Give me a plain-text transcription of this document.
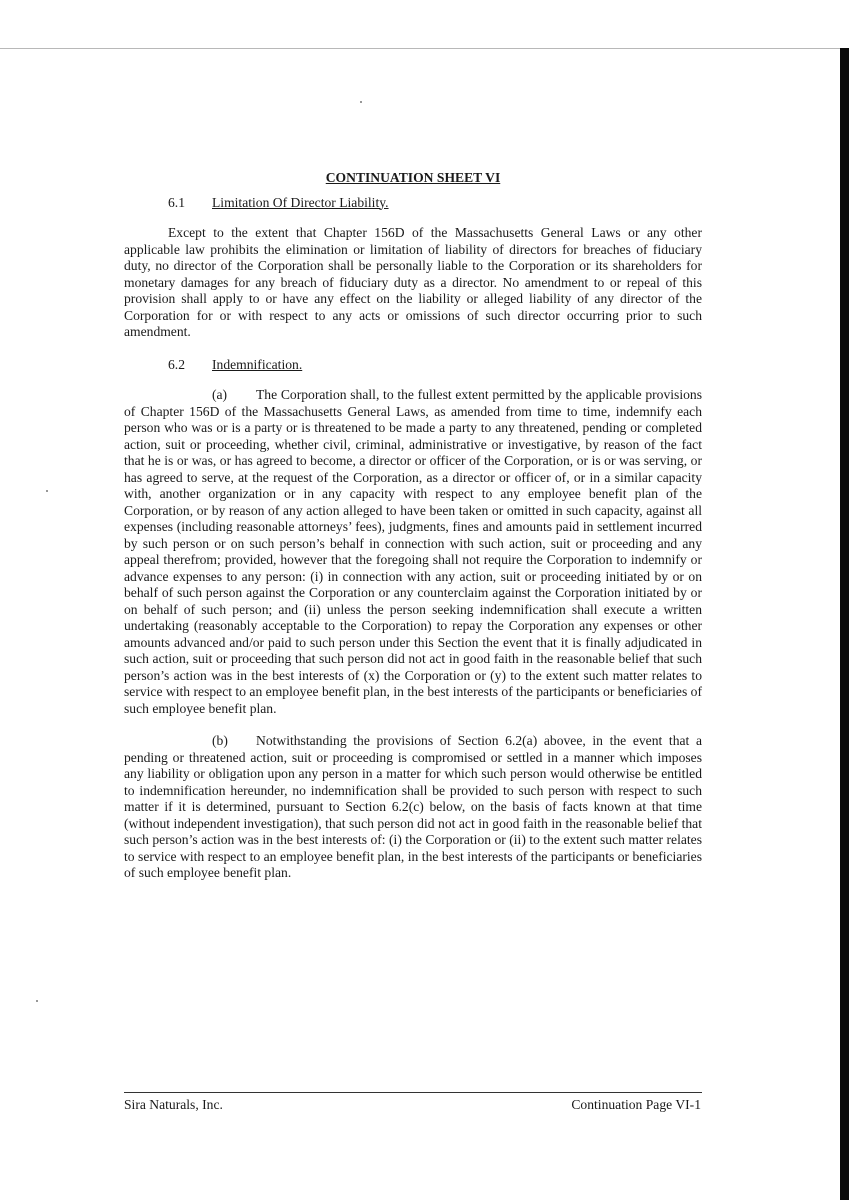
CONTINUATION SHEET VI
6.1 Limitation Of Director Liability.

Except to the extent that Chapter 156D of the Massachusetts General Laws or any other applicable law prohibits the elimination or limitation of liability of directors for breaches of fiduciary duty, no director of the Corporation shall be personally liable to the Corporation or its shareholders for monetary damages for any breach of fiduciary duty as a director. No amendment to or repeal of this provision shall apply to or have any effect on the liability or alleged liability of any director of the Corporation for or with respect to any acts or omissions of such director occurring prior to such amendment.

6.2 Indemnification.

(a) The Corporation shall, to the fullest extent permitted by the applicable provisions of Chapter 156D of the Massachusetts General Laws, as amended from time to time, indemnify each person who was or is a party or is threatened to be made a party to any threatened, pending or completed action, suit or proceeding, whether civil, criminal, administrative or investigative, by reason of the fact that he is or was, or has agreed to become, a director or officer of the Corporation, or is or was serving, or has agreed to serve, at the request of the Corporation, as a director or officer of, or in a similar capacity with, another organization or in any capacity with respect to any employee benefit plan of the Corporation, or by reason of any action alleged to have been taken or omitted in such capacity, against all expenses (including reasonable attorneys’ fees), judgments, fines and amounts paid in settlement incurred by such person or on such person’s behalf in connection with such action, suit or proceeding and any appeal therefrom; provided, however that the foregoing shall not require the Corporation to indemnify or advance expenses to any person: (i) in connection with any action, suit or proceeding initiated by or on behalf of such person against the Corporation or any counterclaim against the Corporation initiated by or on behalf of such person; and (ii) unless the person seeking indemnification shall execute a written undertaking (reasonably acceptable to the Corporation) to repay the Corporation any expenses or other amounts advanced and/or paid to such person under this Section the event that it is finally adjudicated in such action, suit or proceeding that such person did not act in good faith in the reasonable belief that such person’s action was in the best interests of (x) the Corporation or (y) to the extent such matter relates to service with respect to an employee benefit plan, in the best interests of the participants or beneficiaries of such employee benefit plan.

(b) Notwithstanding the provisions of Section 6.2(a) abovee, in the event that a pending or threatened action, suit or proceeding is compromised or settled in a manner which imposes any liability or obligation upon any person in a matter for which such person would otherwise be entitled to indemnification hereunder, no indemnification shall be provided to such person with respect to such matter if it is determined, pursuant to Section 6.2(c) below, on the basis of facts known at that time (without independent investigation), that such person did not act in good faith in the reasonable belief that such person’s action was in the best interests of: (i) the Corporation or (ii) to the extent such matter relates to service with respect to an employee benefit plan, in the best interests of the participants or beneficiaries of such employee benefit plan.

Sira Naturals, Inc.	Continuation Page VI-1
